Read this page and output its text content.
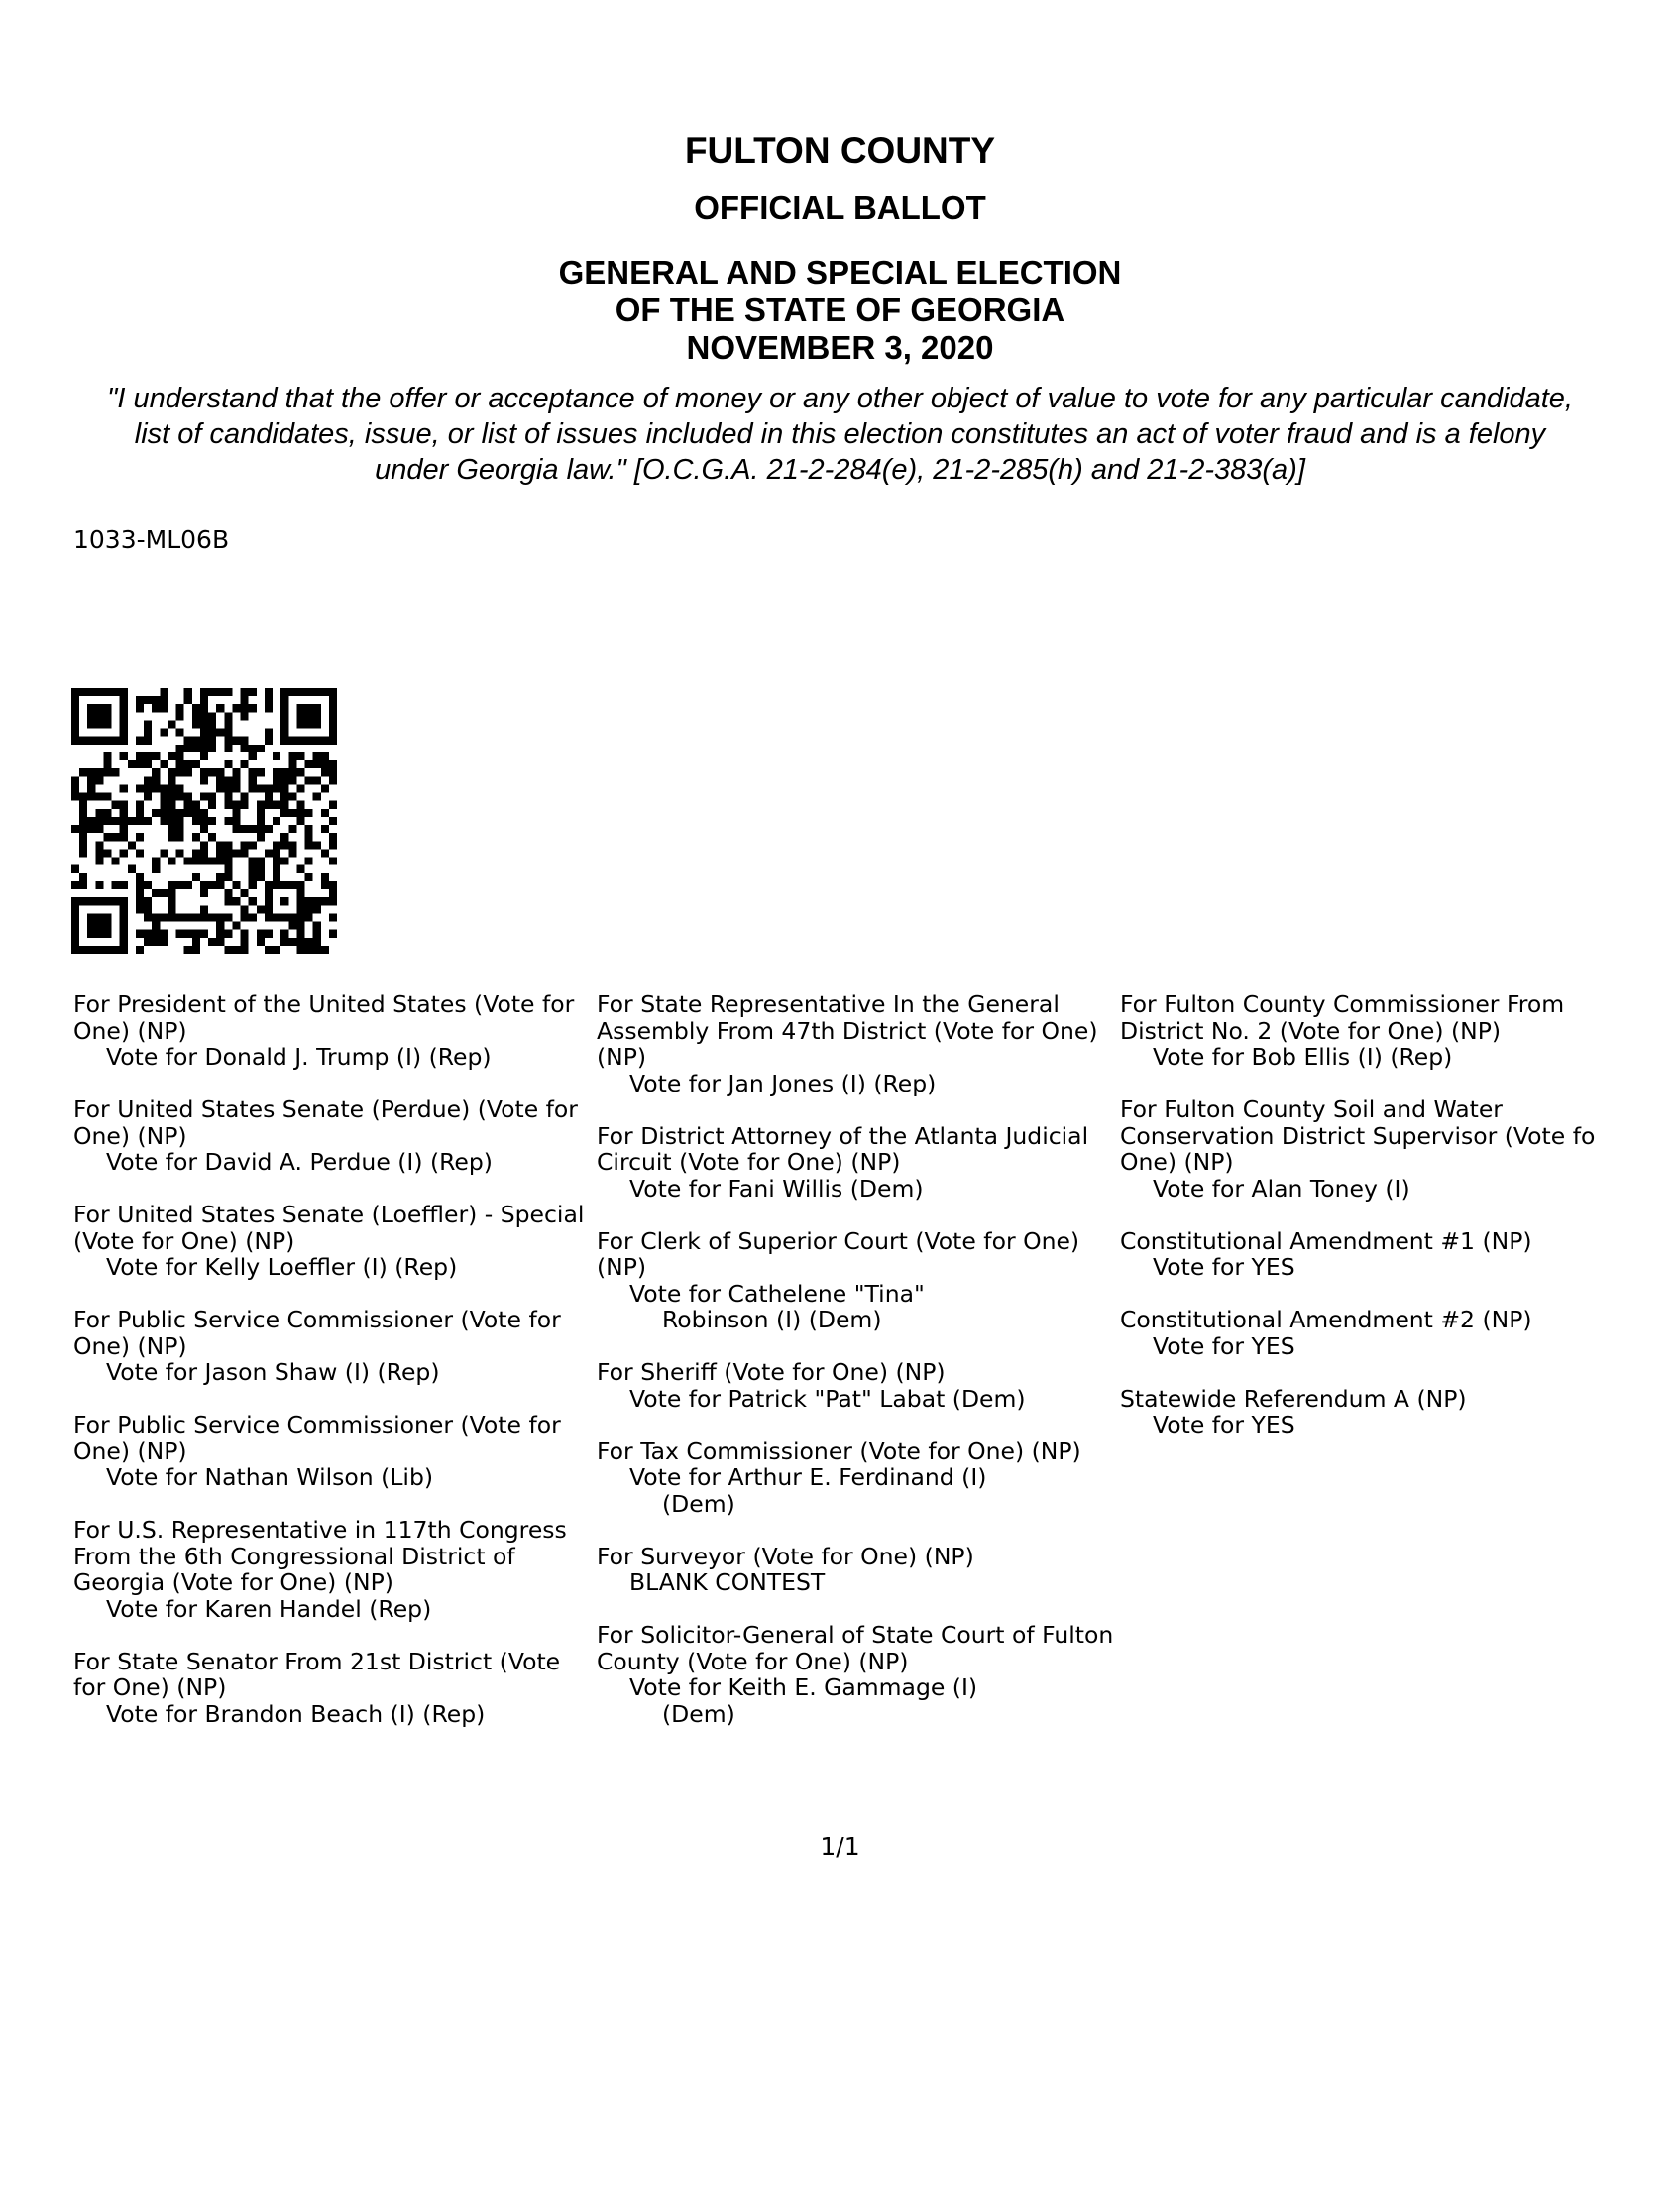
FULTON COUNTY
OFFICIAL BALLOT
GENERAL AND SPECIAL ELECTION
OF THE STATE OF GEORGIA
NOVEMBER 3, 2020
"I understand that the offer or acceptance of money or any other object of value to vote for any particular candidate,
list of candidates, issue, or list of issues included in this election constitutes an act of voter fraud and is a felony
under Georgia law." [O.C.G.A. 21-2-284(e), 21-2-285(h) and 21-2-383(a)]
1033-ML06B
For President of the United States (Vote for One) (NP)
Vote for Donald J. Trump (I) (Rep)
For United States Senate (Perdue) (Vote for One) (NP)
Vote for David A. Perdue (I) (Rep)
For United States Senate (Loeffler) - Special (Vote for One) (NP)
Vote for Kelly Loeffler (I) (Rep)
For Public Service Commissioner (Vote for One) (NP)
Vote for Jason Shaw (I) (Rep)
For Public Service Commissioner (Vote for One) (NP)
Vote for Nathan Wilson (Lib)
For U.S. Representative in 117th Congress From the 6th Congressional District of Georgia (Vote for One) (NP)
Vote for Karen Handel (Rep)
For State Senator From 21st District (Vote for One) (NP)
Vote for Brandon Beach (I) (Rep)
For State Representative In the General Assembly From 47th District (Vote for One) (NP)
Vote for Jan Jones (I) (Rep)
For District Attorney of the Atlanta Judicial Circuit (Vote for One) (NP)
Vote for Fani Willis (Dem)
For Clerk of Superior Court (Vote for One) (NP)
Vote for Cathelene "Tina"
Robinson (I) (Dem)
For Sheriff (Vote for One) (NP)
Vote for Patrick "Pat" Labat (Dem)
For Tax Commissioner (Vote for One) (NP)
Vote for Arthur E. Ferdinand (I)
(Dem)
For Surveyor (Vote for One) (NP)
BLANK CONTEST
For Solicitor-General of State Court of Fulton County (Vote for One) (NP)
Vote for Keith E. Gammage (I)
(Dem)
For Fulton County Commissioner From District No. 2 (Vote for One) (NP)
Vote for Bob Ellis (I) (Rep)
For Fulton County Soil and Water Conservation District Supervisor (Vote fo One) (NP)
Vote for Alan Toney (I)
Constitutional Amendment #1 (NP)
Vote for YES
Constitutional Amendment #2 (NP)
Vote for YES
Statewide Referendum A (NP)
Vote for YES
1/1
